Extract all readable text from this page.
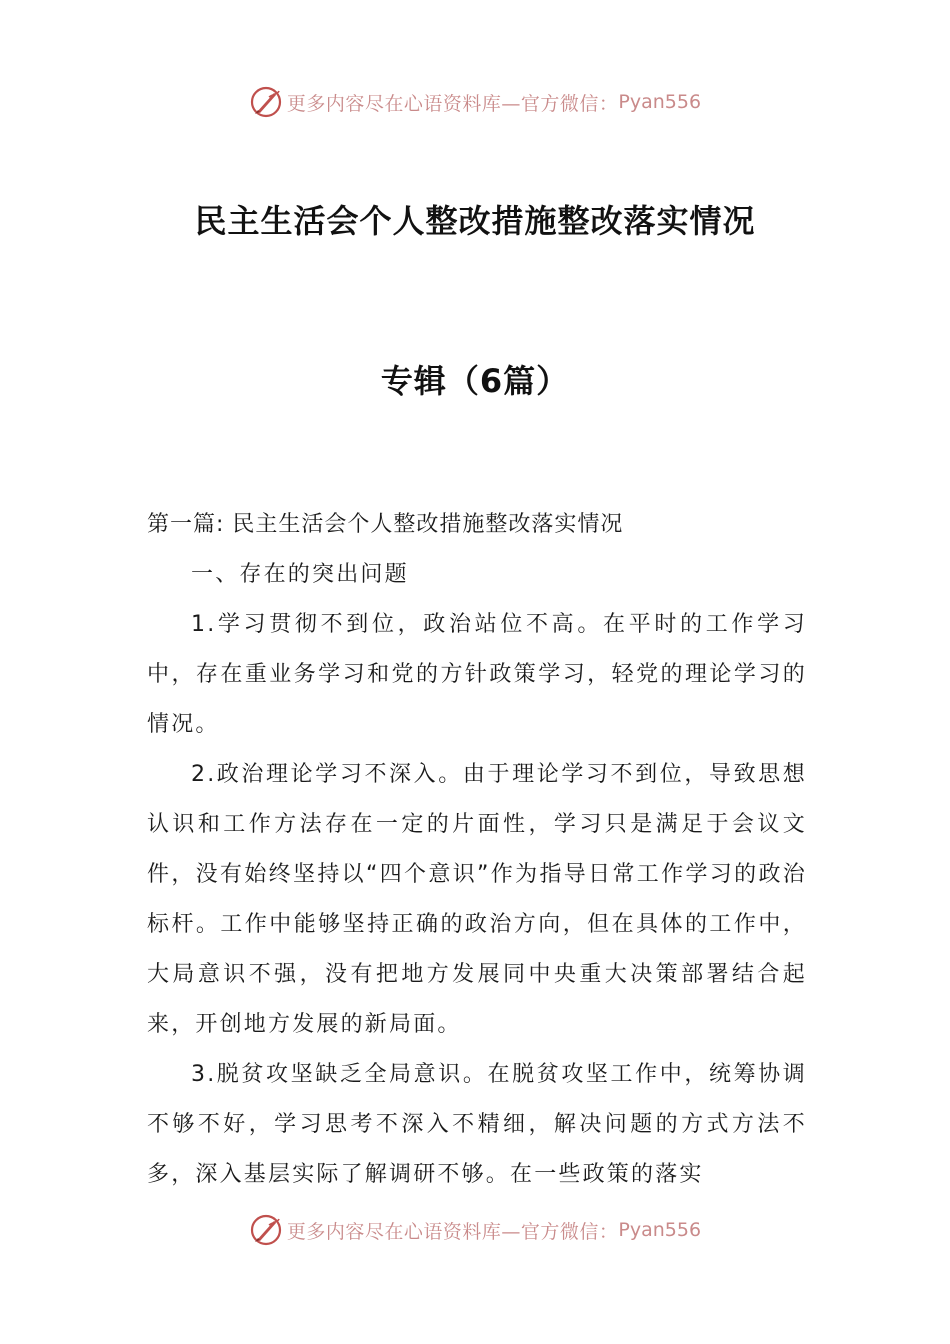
更多内容尽在心语资料库—官方微信： Pyan556
民主生活会个人整改措施整改落实情况
专辑（6篇）

第一篇: 民主生活会个人整改措施整改落实情况

一、存在的突出问题

1.学习贯彻不到位，政治站位不高。在平时的工作学习中，存在重业务学习和党的方针政策学习，轻党的理论学习的情况。

2.政治理论学习不深入。由于理论学习不到位，导致思想认识和工作方法存在一定的片面性，学习只是满足于会议文件，没有始终坚持以“四个意识”作为指导日常工作学习的政治标杆。工作中能够坚持正确的政治方向，但在具体的工作中，大局意识不强，没有把地方发展同中央重大决策部署结合起来，开创地方发展的新局面。

3.脱贫攻坚缺乏全局意识。在脱贫攻坚工作中，统筹协调不够不好，学习思考不深入不精细，解决问题的方式方法不多，深入基层实际了解调研不够。在一些政策的落实

更多内容尽在心语资料库—官方微信： Pyan556
